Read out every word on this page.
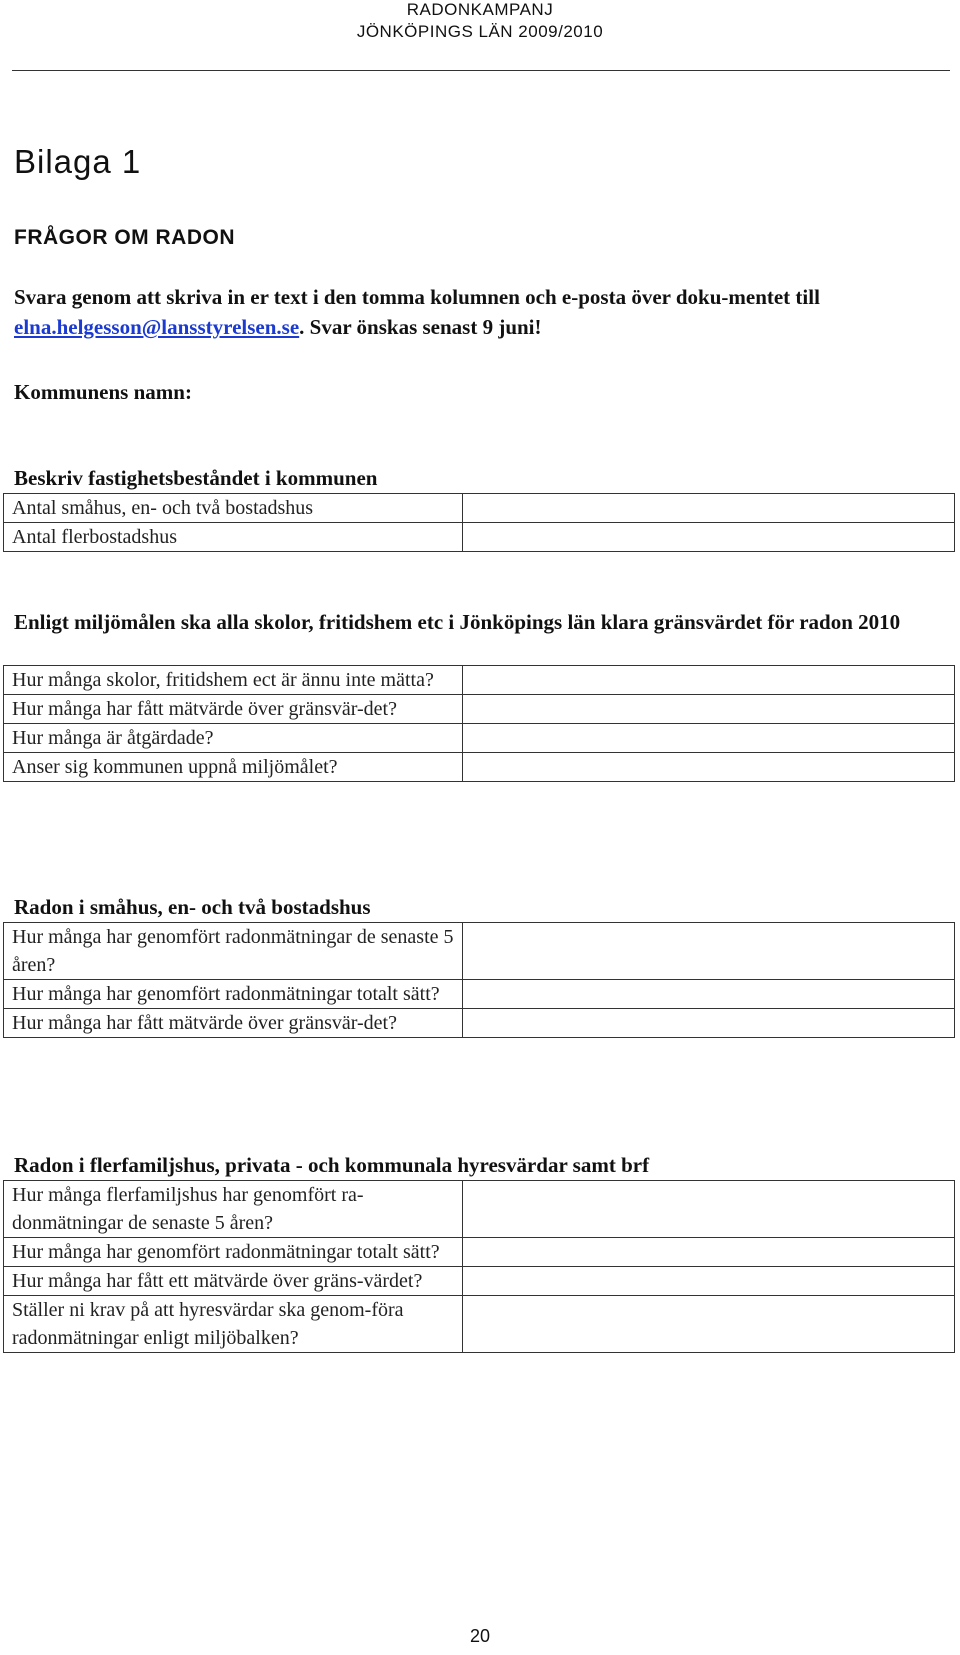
RADONKAMPANJ
JÖNKÖPINGS LÄN 2009/2010
Bilaga 1
FRÅGOR OM RADON
Svara genom att skriva in er text i den tomma kolumnen och e-posta över doku-mentet till elna.helgesson@lansstyrelsen.se. Svar önskas senast 9 juni!
Kommunens namn:
Beskriv fastighetsbeståndet i kommunen
Antal småhus, en- och två bostadshus	
Antal flerbostadshus	
Enligt miljömålen ska alla skolor, fritidshem etc i Jönköpings län klara gränsvärdet för radon 2010
Hur många skolor, fritidshem ect är ännu inte mätta?	
Hur många har fått mätvärde över gränsvär-det?	
Hur många är åtgärdade?	
Anser sig kommunen uppnå miljömålet?	
Radon i småhus, en- och två bostadshus
Hur många har genomfört radonmätningar de senaste 5 åren?	
Hur många har genomfört radonmätningar totalt sätt?	
Hur många har fått mätvärde över gränsvär-det?	
Radon i flerfamiljshus, privata - och kommunala hyresvärdar samt brf
Hur många flerfamiljshus har genomfört ra-donmätningar de senaste 5 åren?	
Hur många har genomfört radonmätningar totalt sätt?	
Hur många har fått ett mätvärde över gräns-värdet?	
Ställer ni krav på att hyresvärdar ska genom-föra radonmätningar enligt miljöbalken?	
20
